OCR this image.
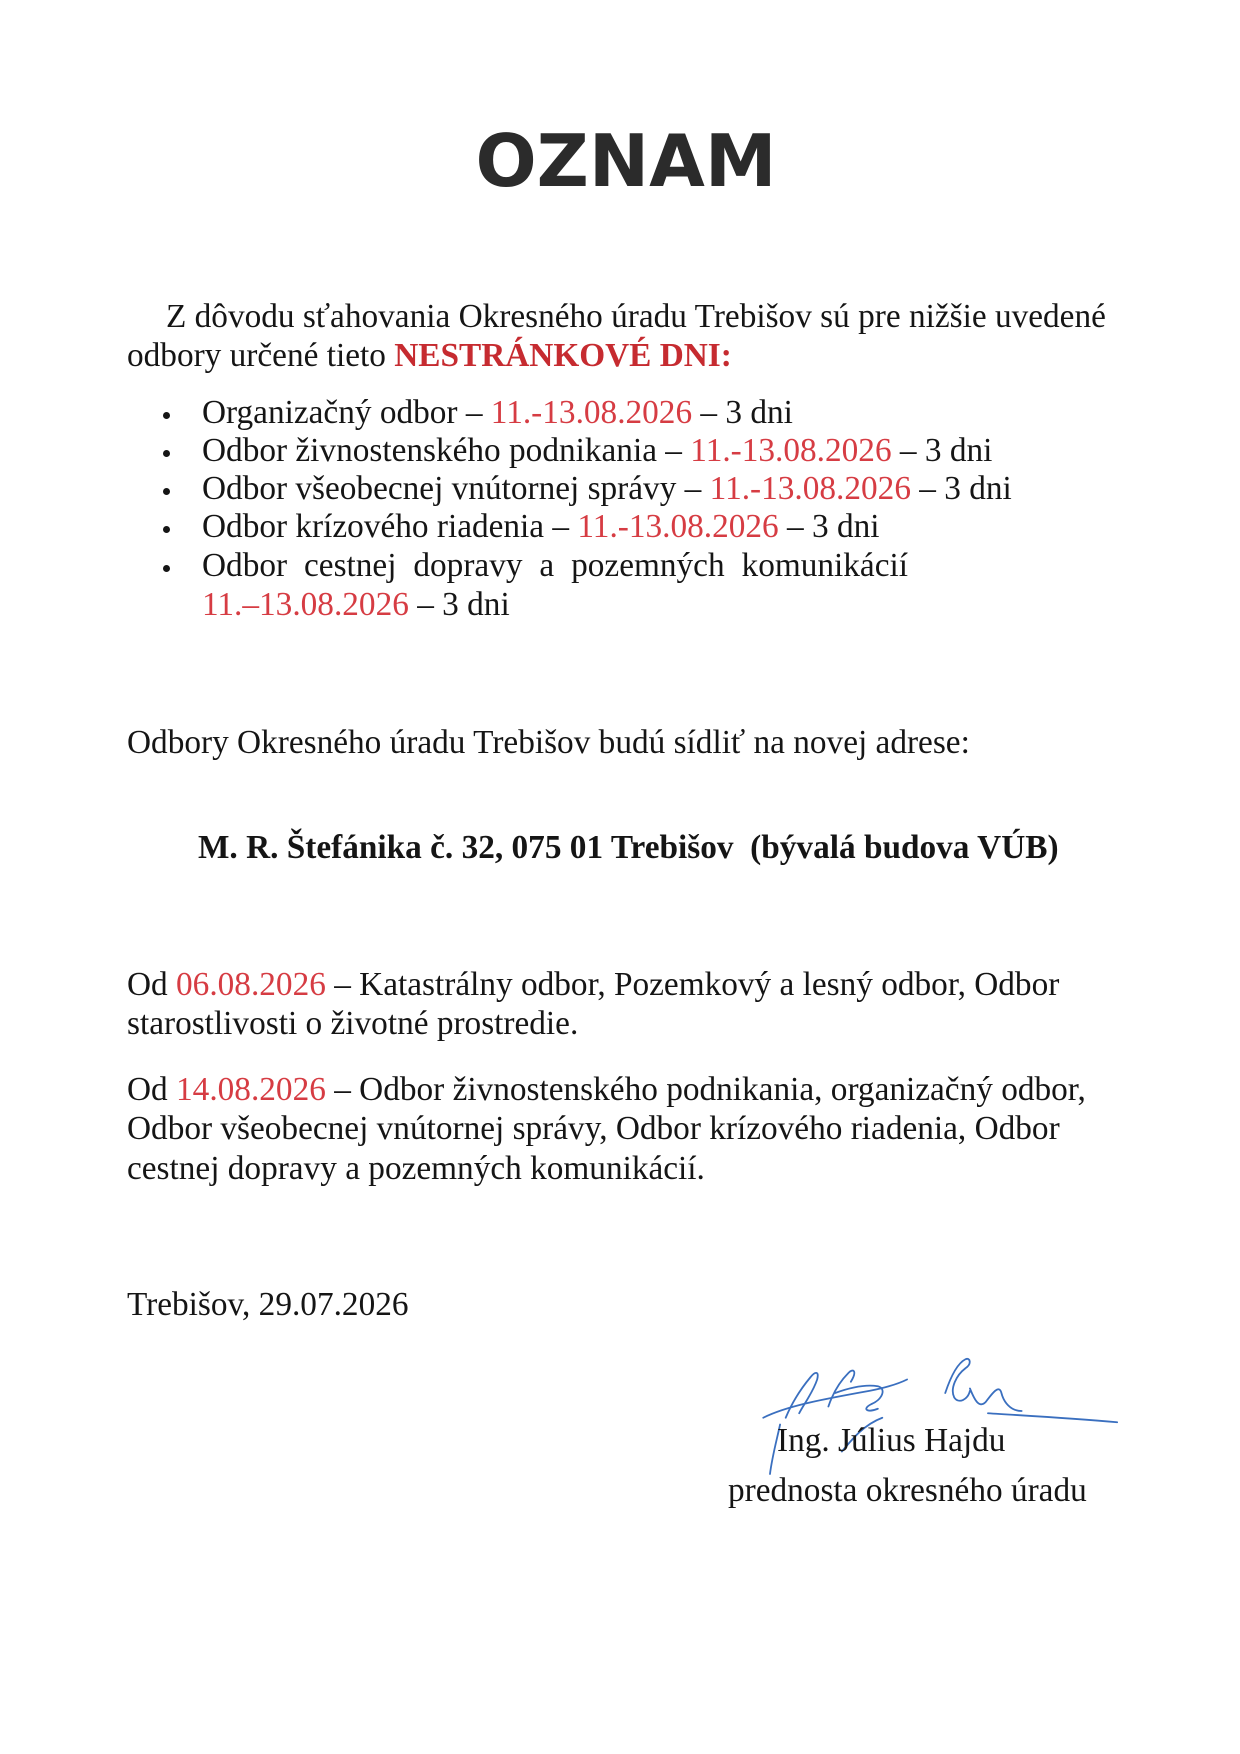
OZNAM
Z dôvodu sťahovania Okresného úradu Trebišov sú pre nižšie uvedené
odbory určené tieto NESTRÁNKOVÉ DNI:
Organizačný odbor – 11.-13.08.2026 – 3 dni
Odbor živnostenského podnikania – 11.-13.08.2026 – 3 dni
Odbor všeobecnej vnútornej správy – 11.-13.08.2026 – 3 dni
Odbor krízového riadenia – 11.-13.08.2026 – 3 dni
Odbor cestnej dopravy a pozemných komunikácií
11.–13.08.2026 – 3 dni
Odbory Okresného úradu Trebišov budú sídliť na novej adrese:
M. R. Štefánika č. 32, 075 01 Trebišov  (bývalá budova VÚB)
Od 06.08.2026 – Katastrálny odbor, Pozemkový a lesný odbor, Odbor
starostlivosti o životné prostredie.
Od 14.08.2026 – Odbor živnostenského podnikania, organizačný odbor,
Odbor všeobecnej vnútornej správy, Odbor krízového riadenia, Odbor
cestnej dopravy a pozemných komunikácií.
Trebišov, 29.07.2026
Ing. Július Hajdu
prednosta okresného úradu
